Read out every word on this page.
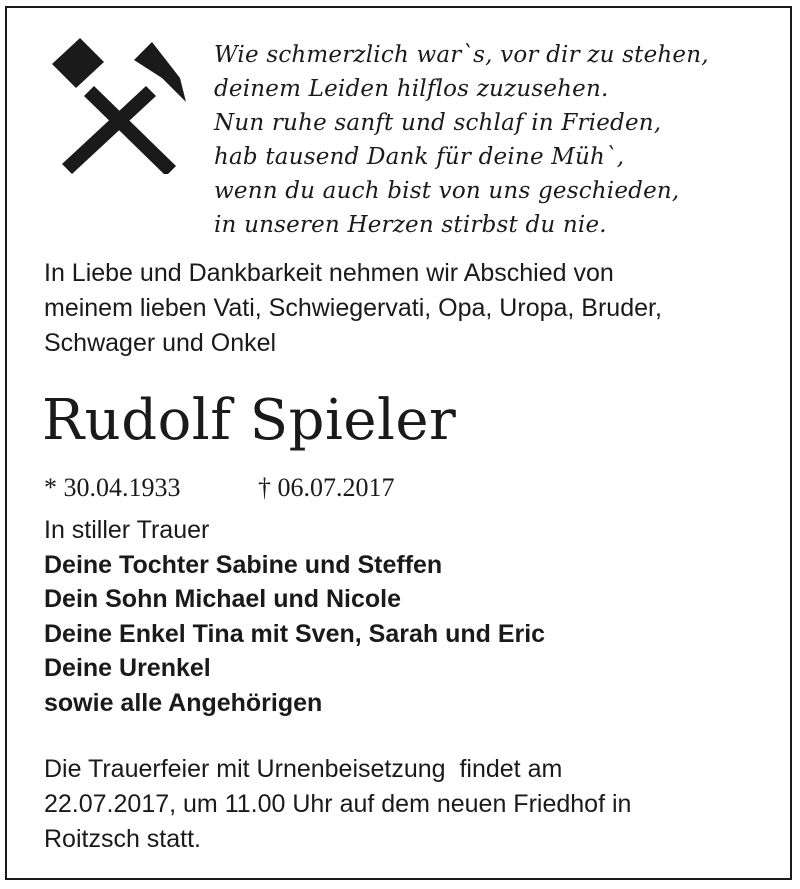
Wie schmerzlich war`s, vor dir zu stehen,
deinem Leiden hilflos zuzusehen.
Nun ruhe sanft und schlaf in Frieden,
hab tausend Dank für deine Müh`,
wenn du auch bist von uns geschieden,
in unseren Herzen stirbst du nie.
In Liebe und Dankbarkeit nehmen wir Abschied von
meinem lieben Vati, Schwiegervati, Opa, Uropa, Bruder,
Schwager und Onkel
Rudolf Spieler
* 30.04.1933	† 06.07.2017
In stiller Trauer
Deine Tochter Sabine und Steffen
Dein Sohn Michael und Nicole
Deine Enkel Tina mit Sven, Sarah und Eric
Deine Urenkel
sowie alle Angehörigen
Die Trauerfeier mit Urnenbeisetzung  findet am
22.07.2017, um 11.00 Uhr auf dem neuen Friedhof in
Roitzsch statt.
